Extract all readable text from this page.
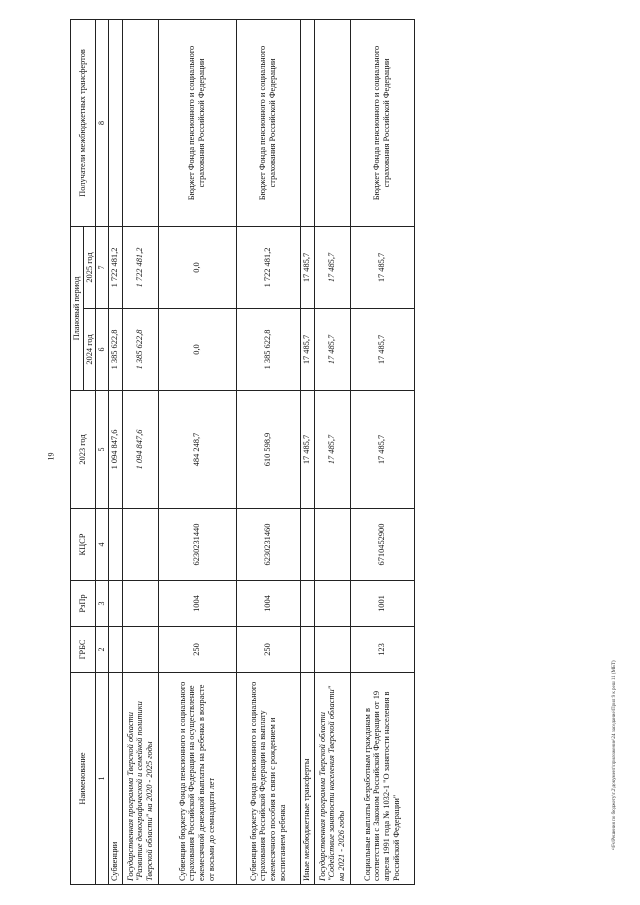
19
•\Fs\Решения по бюджету\т.2\документ\приложение\24 заседание\Прил 9 к реш 11 (МБТ)
Наименование	ГРБС	РзПр	КЦСР	2023 год	Плановый период		Получатели межбюджетных трансфертов
					2024 год	2025 год	
1	2	3	4	5	6	7	8
Субвенции				1 094 847,6	1 385 622,8	1 722 481,2	
Государственная программа Тверской области "Развитие демографической и семейной политики Тверской области" на 2020 - 2025 годы				1 094 847,6	1 385 622,8	1 722 481,2	
Субвенции бюджету Фонда пенсионного и социального страхования Российской Федерации на осуществление ежемесячной денежной выплаты на ребенка в возрасте от восьми до семнадцати лет	250	1004	6230231440	484 248,7	0,0	0,0	Бюджет Фонда пенсионного и социального страхования Российской Федерации
Субвенции бюджету Фонда пенсионного и социального страхования Российской Федерации на выплату ежемесячного пособия в связи с рождением и воспитанием ребенка	250	1004	6230231460	610 598,9	1 385 622,8	1 722 481,2	Бюджет Фонда пенсионного и социального страхования Российской Федерации
Иные межбюджетные трансферты				17 485,7	17 485,7	17 485,7	
Государственная программа Тверской области "Содействие занятости населения Тверской области" на 2021 - 2026 годы				17 485,7	17 485,7	17 485,7	
Социальные выплаты безработным гражданам в соответствии с Законом Российской Федерации от 19 апреля 1991 года № 1032-1 "О занятости населения в Российской Федерации"	123	1001	6710452900	17 485,7	17 485,7	17 485,7	Бюджет Фонда пенсионного и социального страхования Российской Федерации
